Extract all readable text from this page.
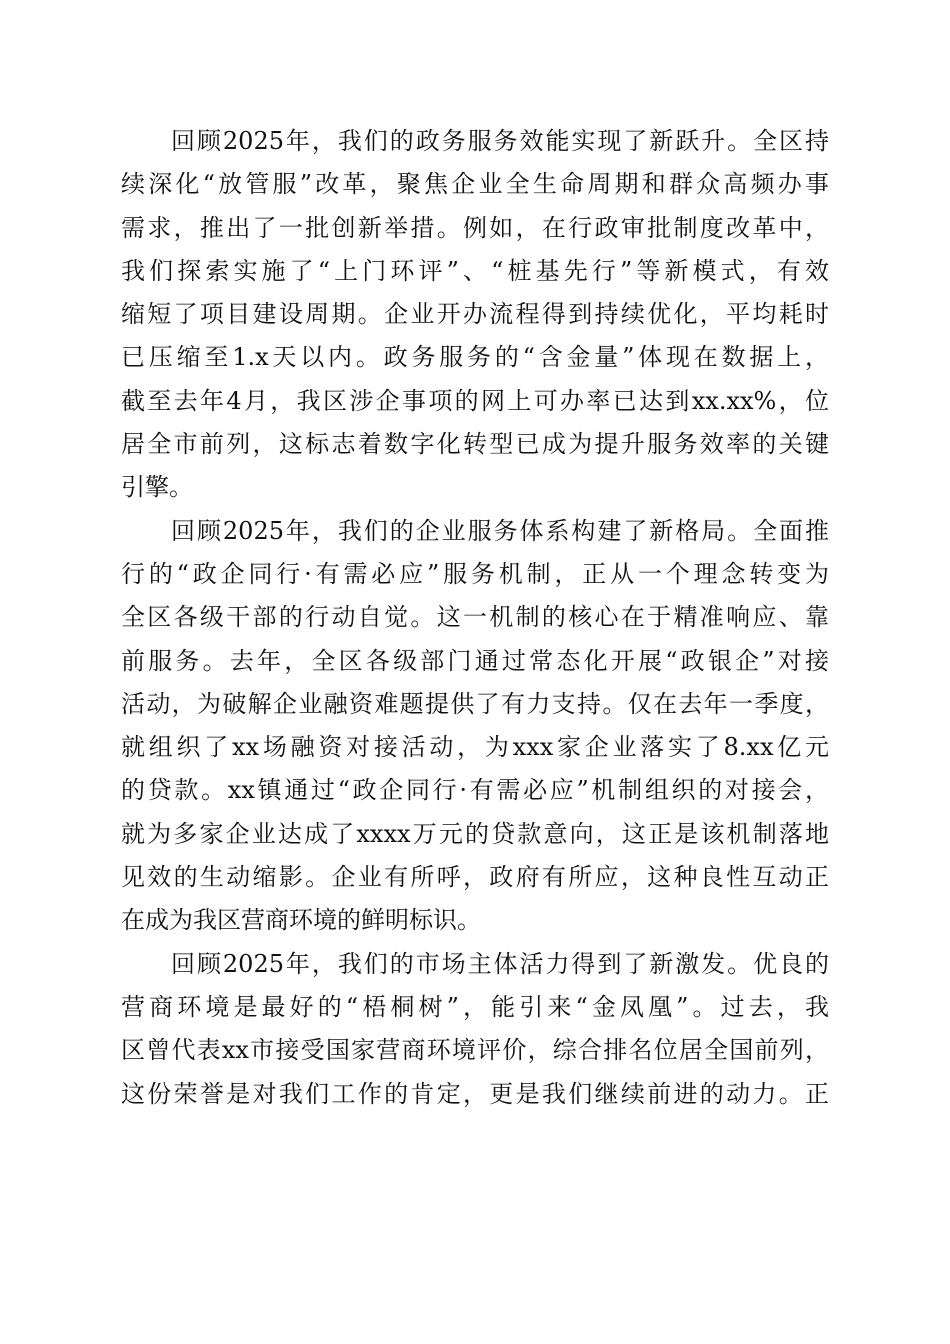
回顾2025年，我们的政务服务效能实现了新跃升。全区持
续深化“放管服”改革，聚焦企业全生命周期和群众高频办事
需求，推出了一批创新举措。例如，在行政审批制度改革中，
我们探索实施了“上门环评”、“桩基先行”等新模式，有效
缩短了项目建设周期。企业开办流程得到持续优化，平均耗时
已压缩至1.x天以内。政务服务的“含金量”体现在数据上，
截至去年4月，我区涉企事项的网上可办率已达到xx.xx%，位
居全市前列，这标志着数字化转型已成为提升服务效率的关键
引擎。
回顾2025年，我们的企业服务体系构建了新格局。全面推
行的“政企同行·有需必应”服务机制，正从一个理念转变为
全区各级干部的行动自觉。这一机制的核心在于精准响应、靠
前服务。去年，全区各级部门通过常态化开展“政银企”对接
活动，为破解企业融资难题提供了有力支持。仅在去年一季度，
就组织了xx场融资对接活动，为xxx家企业落实了8.xx亿元
的贷款。xx镇通过“政企同行·有需必应”机制组织的对接会，
就为多家企业达成了xxxx万元的贷款意向，这正是该机制落地
见效的生动缩影。企业有所呼，政府有所应，这种良性互动正
在成为我区营商环境的鲜明标识。
回顾2025年，我们的市场主体活力得到了新激发。优良的
营商环境是最好的“梧桐树”，能引来“金凤凰”。过去，我
区曾代表xx市接受国家营商环境评价，综合排名位居全国前列，
这份荣誉是对我们工作的肯定，更是我们继续前进的动力。正
